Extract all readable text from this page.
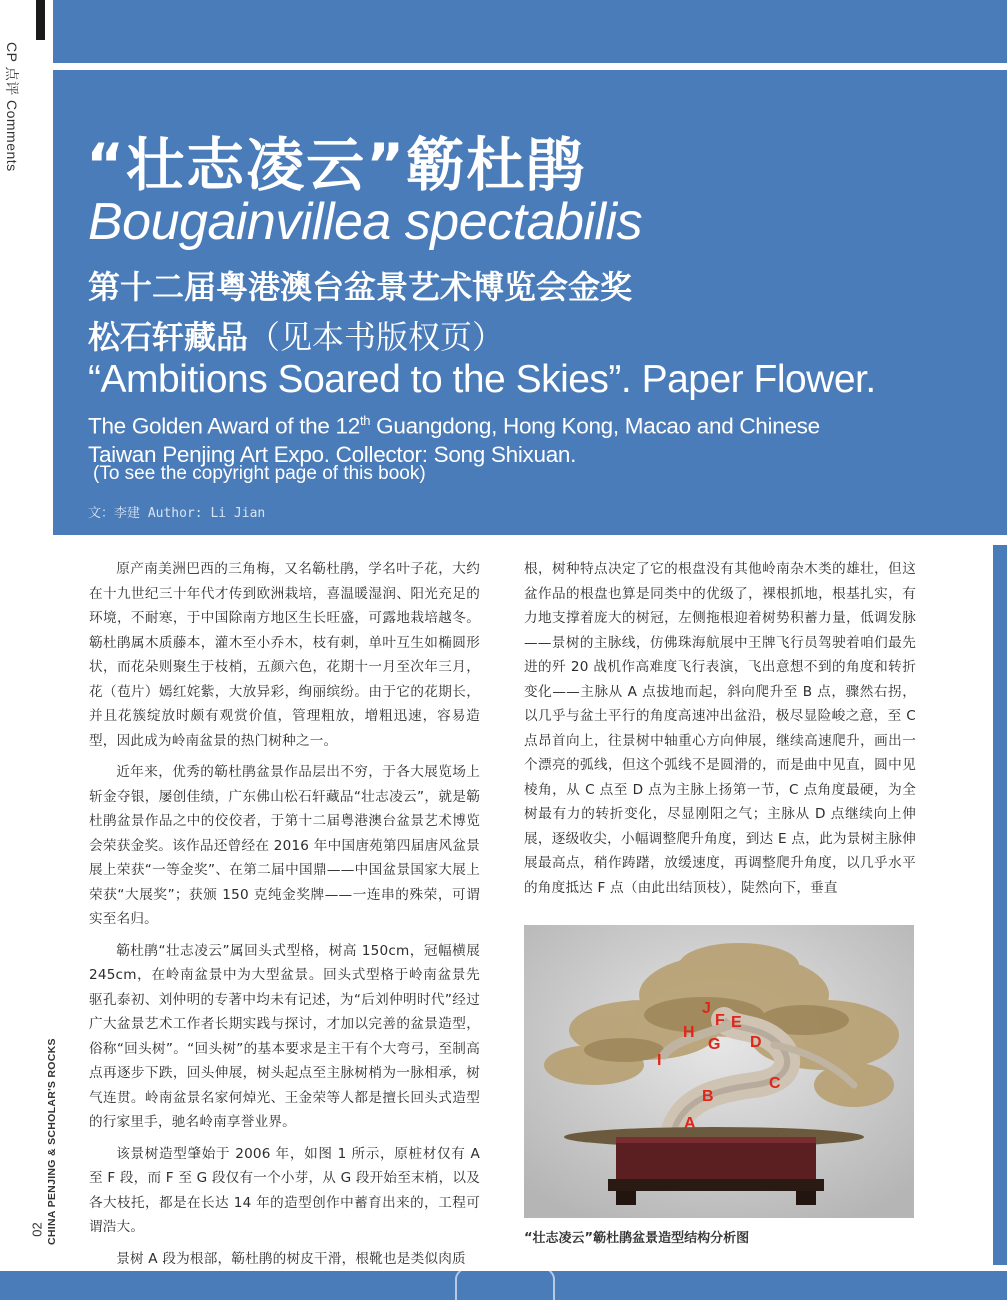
CP 点评 Comments “壮志凌云”簕杜鹃
Bougainvillea spectabilis
第十二届粤港澳台盆景艺术博览会金奖
松石轩藏品（见本书版权页）
“Ambitions Soared to the Skies”. Paper Flower.
The Golden Award of the 12th Guangdong, Hong Kong, Macao and Chinese
Taiwan Penjing Art Expo. Collector: Song Shixuan.
(To see the copyright page of this book)
文：李建 Author: Li Jian

原产南美洲巴西的三角梅，又名簕杜鹃，学名叶子花，大约在十九世纪三十年代才传到欧洲栽培，喜温暖湿润、阳光充足的环境，不耐寒，于中国除南方地区生长旺盛，可露地栽培越冬。簕杜鹃属木质藤本，灌木至小乔木，枝有刺，单叶互生如椭圆形状，而花朵则聚生于枝梢，五颜六色，花期十一月至次年三月，花（苞片）嫣红姹紫，大放异彩，绚丽缤纷。由于它的花期长，并且花簇绽放时颇有观赏价值，管理粗放，增粗迅速，容易造型，因此成为岭南盆景的热门树种之一。

近年来，优秀的簕杜鹃盆景作品层出不穷，于各大展览场上斩金夺银，屡创佳绩，广东佛山松石轩藏品“壮志凌云”，就是簕杜鹃盆景作品之中的佼佼者，于第十二届粤港澳台盆景艺术博览会荣获金奖。该作品还曾经在 2016 年中国唐苑第四届唐风盆景展上荣获“一等金奖”、在第二届中国鼎——中国盆景国家大展上荣获“大展奖”；获颁 150 克纯金奖牌——一连串的殊荣，可谓实至名归。

簕杜鹃“壮志凌云”属回头式型格，树高 150cm，冠幅横展 245cm，在岭南盆景中为大型盆景。回头式型格于岭南盆景先驱孔泰初、刘仲明的专著中均未有记述，为“后刘仲明时代”经过广大盆景艺术工作者长期实践与探讨，才加以完善的盆景造型，俗称“回头树”。“回头树”的基本要求是主干有个大弯弓，至制高点再逐步下跌，回头伸展，树头起点至主脉树梢为一脉相承，树气连贯。岭南盆景名家何焯光、王金荣等人都是擅长回头式造型的行家里手，驰名岭南享誉业界。

该景树造型肇始于 2006 年，如图 1 所示，原桩材仅有 A 至 F 段，而 F 至 G 段仅有一个小芽，从 G 段开始至末梢，以及各大枝托，都是在长达 14 年的造型创作中蓄育出来的，工程可谓浩大。

景树 A 段为根部，簕杜鹃的树皮干滑，根靴也是类似肉质

根，树种特点决定了它的根盘没有其他岭南杂木类的雄壮，但这盆作品的根盘也算是同类中的优级了，裸根抓地，根基扎实，有力地支撑着庞大的树冠，左侧拖根迎着树势积蓄力量，低调发脉——景树的主脉线，仿佛珠海航展中王牌飞行员驾驶着咱们最先进的歼 20 战机作高难度飞行表演，飞出意想不到的角度和转折变化——主脉从 A 点拔地而起，斜向爬升至 B 点，骤然右拐，以几乎与盆土平行的角度高速冲出盆沿，极尽显险峻之意，至 C 点昂首向上，往景树中轴重心方向伸展，继续高速爬升，画出一个漂亮的弧线，但这个弧线不是圆滑的，而是曲中见直，圆中见棱角，从 C 点至 D 点为主脉上扬第一节，C 点角度最硬，为全树最有力的转折变化，尽显刚阳之气；主脉从 D 点继续向上伸展，逐级收尖，小幅调整爬升角度，到达 E 点，此为景树主脉伸展最高点，稍作踌躇，放缓速度，再调整爬升角度，以几乎水平的角度抵达 F 点（由此出结顶枝），陡然向下，垂直

A
B
C
D
E
F
G
H
I
J
“壮志凌云”簕杜鹃盆景造型结构分析图
CHINA PENJING & SCHOLAR'S ROCKS
02
